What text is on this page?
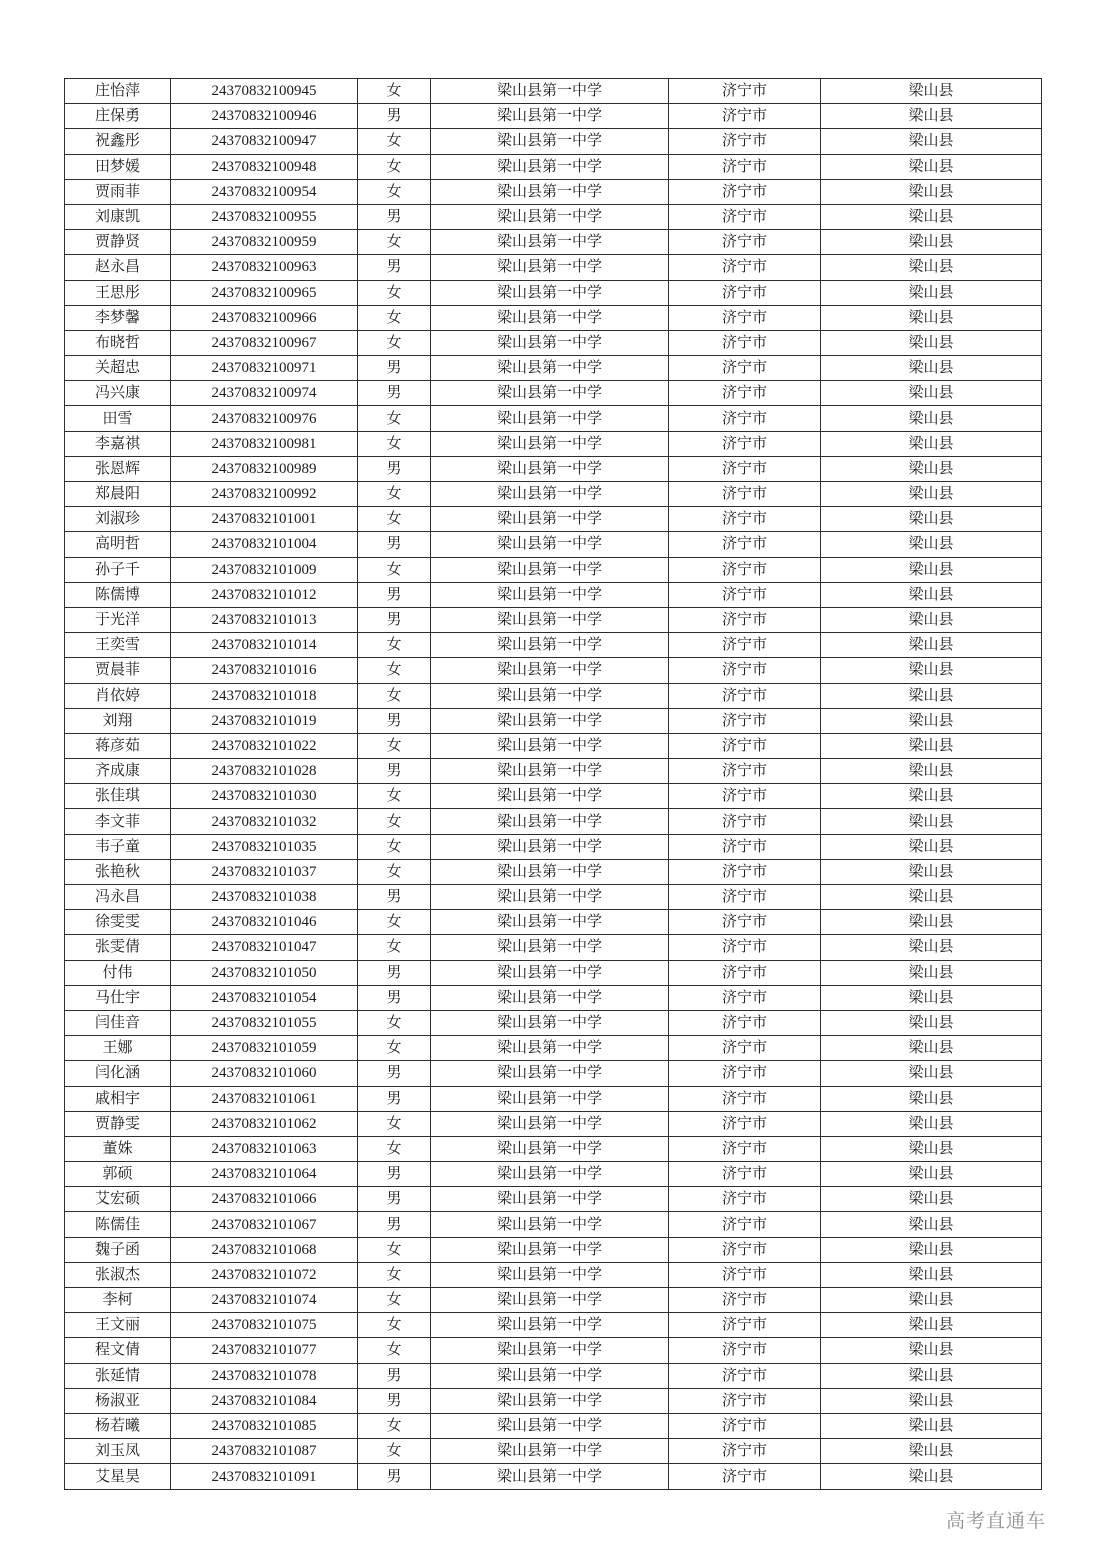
庄怡萍	24370832100945	女	梁山县第一中学	济宁市	梁山县
庄保勇	24370832100946	男	梁山县第一中学	济宁市	梁山县
祝鑫彤	24370832100947	女	梁山县第一中学	济宁市	梁山县
田梦媛	24370832100948	女	梁山县第一中学	济宁市	梁山县
贾雨菲	24370832100954	女	梁山县第一中学	济宁市	梁山县
刘康凯	24370832100955	男	梁山县第一中学	济宁市	梁山县
贾静贤	24370832100959	女	梁山县第一中学	济宁市	梁山县
赵永昌	24370832100963	男	梁山县第一中学	济宁市	梁山县
王思彤	24370832100965	女	梁山县第一中学	济宁市	梁山县
李梦馨	24370832100966	女	梁山县第一中学	济宁市	梁山县
布晓哲	24370832100967	女	梁山县第一中学	济宁市	梁山县
关超忠	24370832100971	男	梁山县第一中学	济宁市	梁山县
冯兴康	24370832100974	男	梁山县第一中学	济宁市	梁山县
田雪	24370832100976	女	梁山县第一中学	济宁市	梁山县
李嘉祺	24370832100981	女	梁山县第一中学	济宁市	梁山县
张恩辉	24370832100989	男	梁山县第一中学	济宁市	梁山县
郑晨阳	24370832100992	女	梁山县第一中学	济宁市	梁山县
刘淑珍	24370832101001	女	梁山县第一中学	济宁市	梁山县
高明哲	24370832101004	男	梁山县第一中学	济宁市	梁山县
孙子千	24370832101009	女	梁山县第一中学	济宁市	梁山县
陈儒博	24370832101012	男	梁山县第一中学	济宁市	梁山县
于光洋	24370832101013	男	梁山县第一中学	济宁市	梁山县
王奕雪	24370832101014	女	梁山县第一中学	济宁市	梁山县
贾晨菲	24370832101016	女	梁山县第一中学	济宁市	梁山县
肖依婷	24370832101018	女	梁山县第一中学	济宁市	梁山县
刘翔	24370832101019	男	梁山县第一中学	济宁市	梁山县
蒋彦茹	24370832101022	女	梁山县第一中学	济宁市	梁山县
齐成康	24370832101028	男	梁山县第一中学	济宁市	梁山县
张佳琪	24370832101030	女	梁山县第一中学	济宁市	梁山县
李文菲	24370832101032	女	梁山县第一中学	济宁市	梁山县
韦子童	24370832101035	女	梁山县第一中学	济宁市	梁山县
张艳秋	24370832101037	女	梁山县第一中学	济宁市	梁山县
冯永昌	24370832101038	男	梁山县第一中学	济宁市	梁山县
徐雯雯	24370832101046	女	梁山县第一中学	济宁市	梁山县
张雯倩	24370832101047	女	梁山县第一中学	济宁市	梁山县
付伟	24370832101050	男	梁山县第一中学	济宁市	梁山县
马仕宇	24370832101054	男	梁山县第一中学	济宁市	梁山县
闫佳音	24370832101055	女	梁山县第一中学	济宁市	梁山县
王娜	24370832101059	女	梁山县第一中学	济宁市	梁山县
闫化涵	24370832101060	男	梁山县第一中学	济宁市	梁山县
戚相宇	24370832101061	男	梁山县第一中学	济宁市	梁山县
贾静雯	24370832101062	女	梁山县第一中学	济宁市	梁山县
董姝	24370832101063	女	梁山县第一中学	济宁市	梁山县
郭硕	24370832101064	男	梁山县第一中学	济宁市	梁山县
艾宏硕	24370832101066	男	梁山县第一中学	济宁市	梁山县
陈儒佳	24370832101067	男	梁山县第一中学	济宁市	梁山县
魏子函	24370832101068	女	梁山县第一中学	济宁市	梁山县
张淑杰	24370832101072	女	梁山县第一中学	济宁市	梁山县
李柯	24370832101074	女	梁山县第一中学	济宁市	梁山县
王文丽	24370832101075	女	梁山县第一中学	济宁市	梁山县
程文倩	24370832101077	女	梁山县第一中学	济宁市	梁山县
张延情	24370832101078	男	梁山县第一中学	济宁市	梁山县
杨淑亚	24370832101084	男	梁山县第一中学	济宁市	梁山县
杨若曦	24370832101085	女	梁山县第一中学	济宁市	梁山县
刘玉凤	24370832101087	女	梁山县第一中学	济宁市	梁山县
艾星昊	24370832101091	男	梁山县第一中学	济宁市	梁山县
高考直通车
